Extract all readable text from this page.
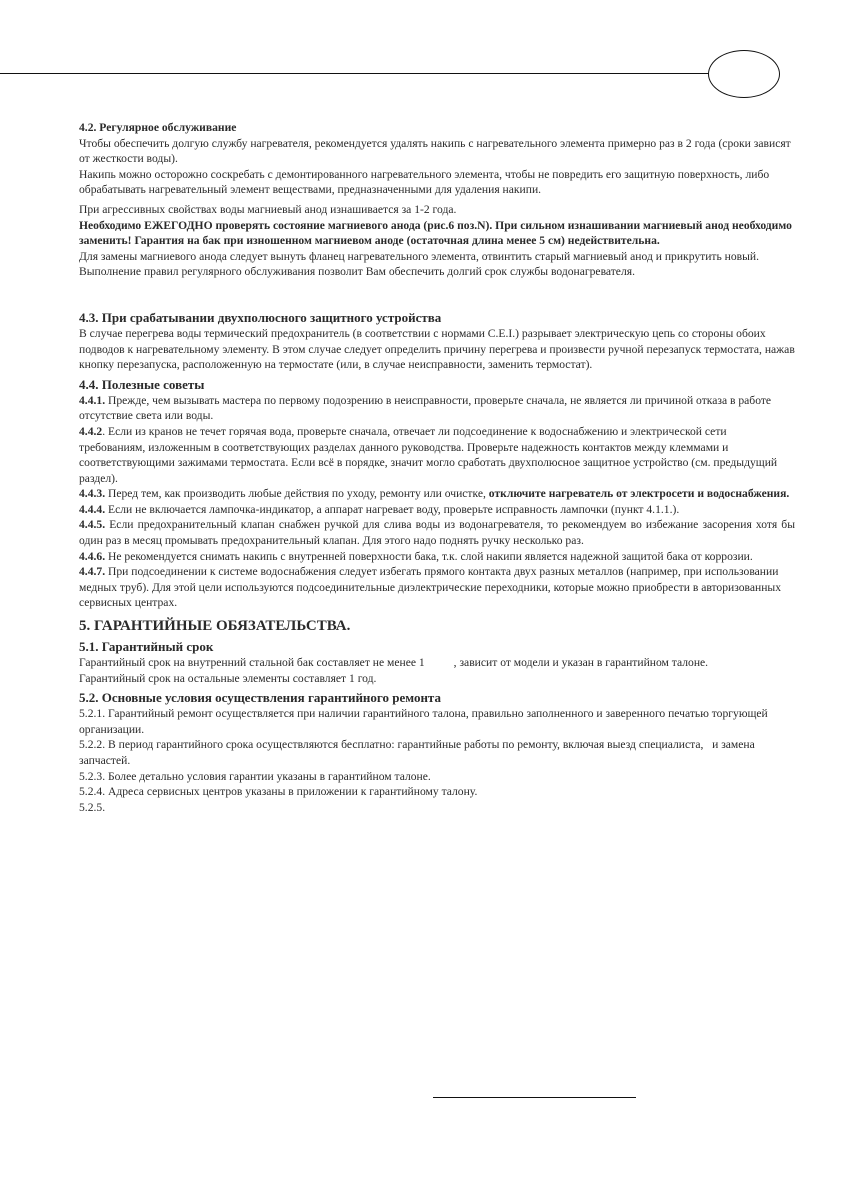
4.2. Регулярное обслуживание

Чтобы обеспечить долгую службу нагревателя, рекомендуется удалять накипь с нагревательного элемента примерно раз в 2 года (сроки зависят от жесткости воды).

Накипь можно осторожно соскребать с демонтированного нагревательного элемента, чтобы не повредить его защитную поверхность, либо обрабатывать нагревательный элемент веществами, предназначенными для удаления накипи.

При агрессивных свойствах воды магниевый анод изнашивается за 1-2 года.

Необходимо ЕЖЕГОДНО проверять состояние магниевого анода (рис.6 поз.N). При сильном изнашивании магниевый анод необходимо заменить! Гарантия на бак при изношенном магниевом аноде (остаточная длина менее 5 см) недействительна.

Для замены магниевого анода следует вынуть фланец нагревательного элемента, отвинтить старый магниевый анод и прикрутить новый.

Выполнение правил регулярного обслуживания позволит Вам обеспечить долгий срок службы водонагревателя.

4.3. При срабатывании двухполюсного защитного устройства

В случае перегрева воды термический предохранитель (в соответствии с нормами C.E.I.) разрывает электрическую цепь со стороны обоих подводов к нагревательному элементу. В этом случае следует определить причину перегрева и произвести ручной перезапуск термостата, нажав кнопку перезапуска, расположенную на термостате (или, в случае неисправности, заменить термостат).

4.4. Полезные советы

4.4.1. Прежде, чем вызывать мастера по первому подозрению в неисправности, проверьте сначала, не является ли причиной отказа в работе отсутствие света или воды.

4.4.2. Если из кранов не течет горячая вода, проверьте сначала, отвечает ли подсоединение к водоснабжению и электрической сети требованиям, изложенным в соответствующих разделах данного руководства. Проверьте надежность контактов между клеммами и соответствующими зажимами термостата. Если всё в порядке, значит могло сработать двухполюсное защитное устройство (см. предыдущий раздел).

4.4.3. Перед тем, как производить любые действия по уходу, ремонту или очистке, отключите нагреватель от электросети и водоснабжения.

4.4.4. Если не включается лампочка-индикатор, а аппарат нагревает воду, проверьте исправность лампочки (пункт 4.1.1.).

4.4.5. Если предохранительный клапан снабжен ручкой для слива воды из водонагревателя, то рекомендуем во избежание засорения хотя бы один раз в месяц промывать предохранительный клапан. Для этого надо поднять ручку несколько раз.

4.4.6. Не рекомендуется снимать накипь с внутренней поверхности бака, т.к. слой накипи является надежной защитой бака от коррозии.

4.4.7. При подсоединении к системе водоснабжения следует избегать прямого контакта двух разных металлов (например, при использовании медных труб). Для этой цели используются подсоединительные диэлектрические переходники, которые можно приобрести в авторизованных сервисных центрах.

5. ГАРАНТИЙНЫЕ ОБЯЗАТЕЛЬСТВА.

5.1. Гарантийный срок

Гарантийный срок на внутренний стальной бак составляет не менее 1          , зависит от модели и указан в гарантийном талоне.

Гарантийный срок на остальные элементы составляет 1 год.

5.2. Основные условия осуществления гарантийного ремонта

5.2.1. Гарантийный ремонт осуществляется при наличии гарантийного талона, правильно заполненного и заверенного печатью торгующей организации.

5.2.2. В период гарантийного срока осуществляются бесплатно: гарантийные работы по ремонту, включая выезд специалиста,   и замена запчастей.

5.2.3. Более детально условия гарантии указаны в гарантийном талоне.

5.2.4. Адреса сервисных центров указаны в приложении к гарантийному талону.

5.2.5.
